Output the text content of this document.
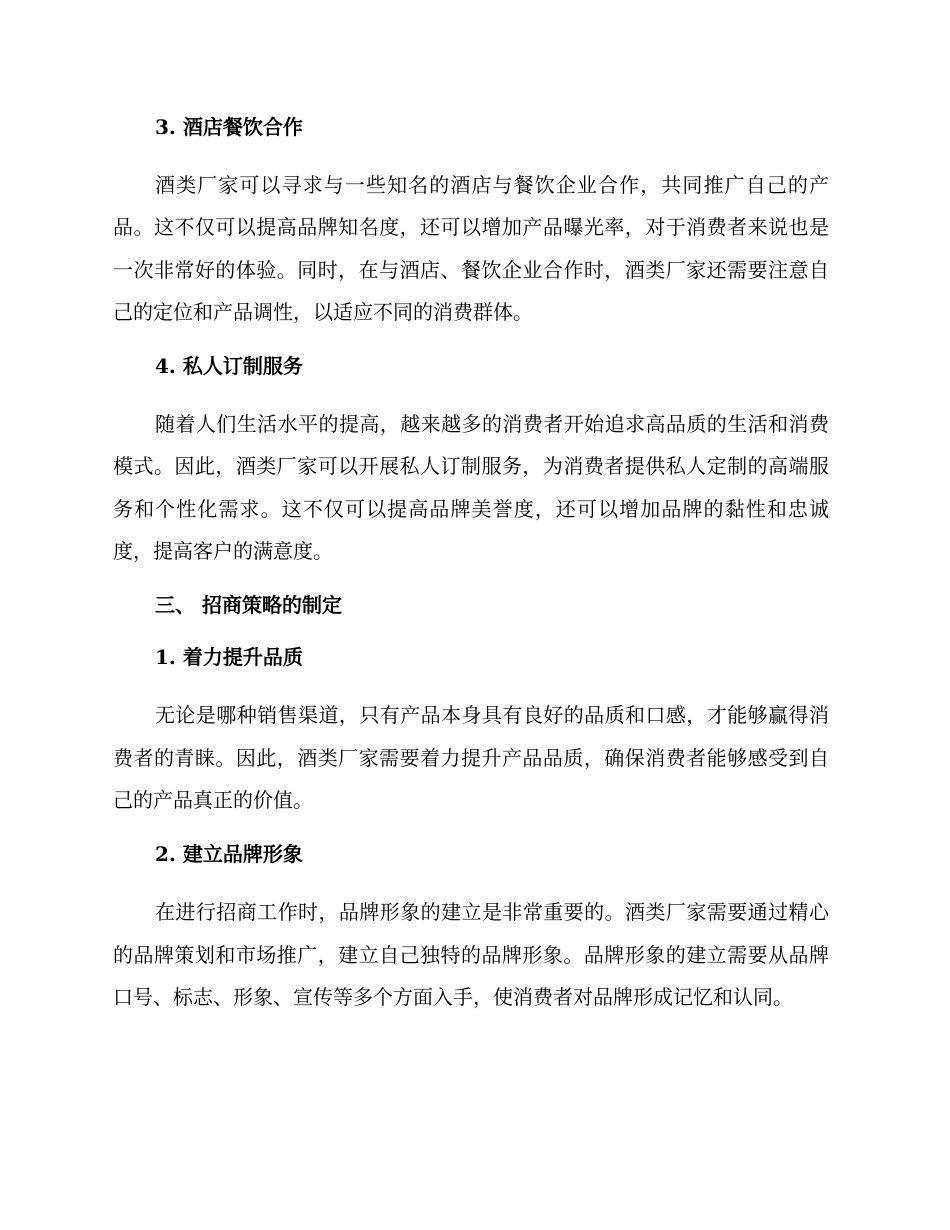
3. 酒店餐饮合作

酒类厂家可以寻求与一些知名的酒店与餐饮企业合作，共同推广自己的产品。这不仅可以提高品牌知名度，还可以增加产品曝光率，对于消费者来说也是一次非常好的体验。同时，在与酒店、餐饮企业合作时，酒类厂家还需要注意自己的定位和产品调性，以适应不同的消费群体。

4. 私人订制服务

随着人们生活水平的提高，越来越多的消费者开始追求高品质的生活和消费模式。因此，酒类厂家可以开展私人订制服务，为消费者提供私人定制的高端服务和个性化需求。这不仅可以提高品牌美誉度，还可以增加品牌的黏性和忠诚度，提高客户的满意度。

三、 招商策略的制定
1. 着力提升品质

无论是哪种销售渠道，只有产品本身具有良好的品质和口感，才能够赢得消费者的青睐。因此，酒类厂家需要着力提升产品品质，确保消费者能够感受到自己的产品真正的价值。

2. 建立品牌形象

在进行招商工作时，品牌形象的建立是非常重要的。酒类厂家需要通过精心的品牌策划和市场推广，建立自己独特的品牌形象。品牌形象的建立需要从品牌口号、标志、形象、宣传等多个方面入手，使消费者对品牌形成记忆和认同。
